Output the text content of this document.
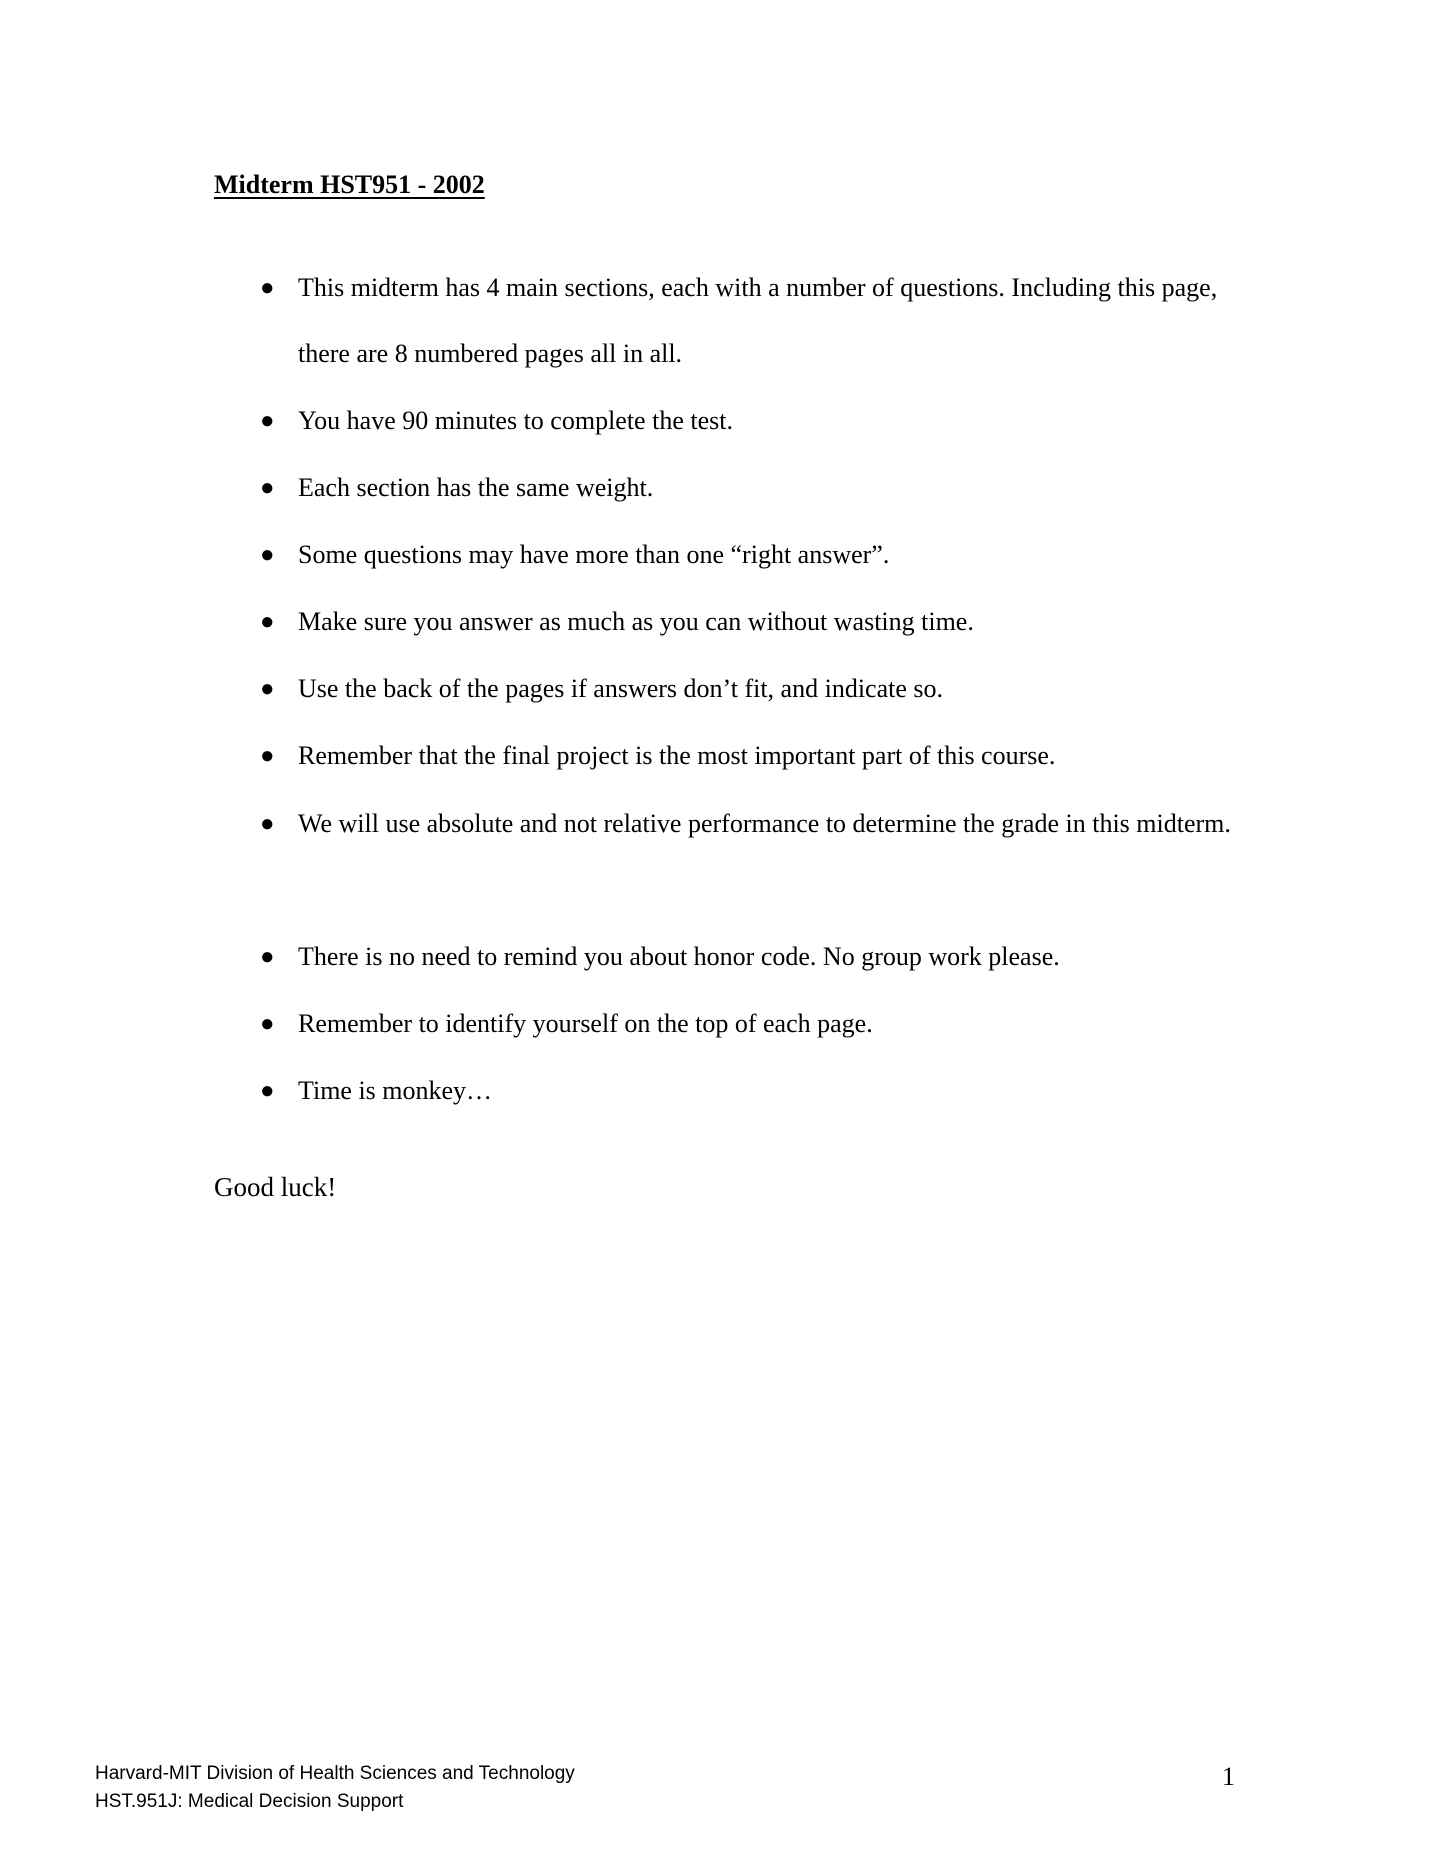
Midterm HST951 - 2002
● This midterm has 4 main sections, each with a number of questions. Including this page, there are 8 numbered pages all in all.
● You have 90 minutes to complete the test.
● Each section has the same weight.
● Some questions may have more than one “right answer”.
● Make sure you answer as much as you can without wasting time.
● Use the back of the pages if answers don’t fit, and indicate so.
● Remember that the final project is the most important part of this course.
● We will use absolute and not relative performance to determine the grade in this midterm.
● There is no need to remind you about honor code. No group work please.
● Remember to identify yourself on the top of each page.
● Time is monkey…
Good luck!
Harvard-MIT Division of Health Sciences and Technology
HST.951J: Medical Decision Support
1
